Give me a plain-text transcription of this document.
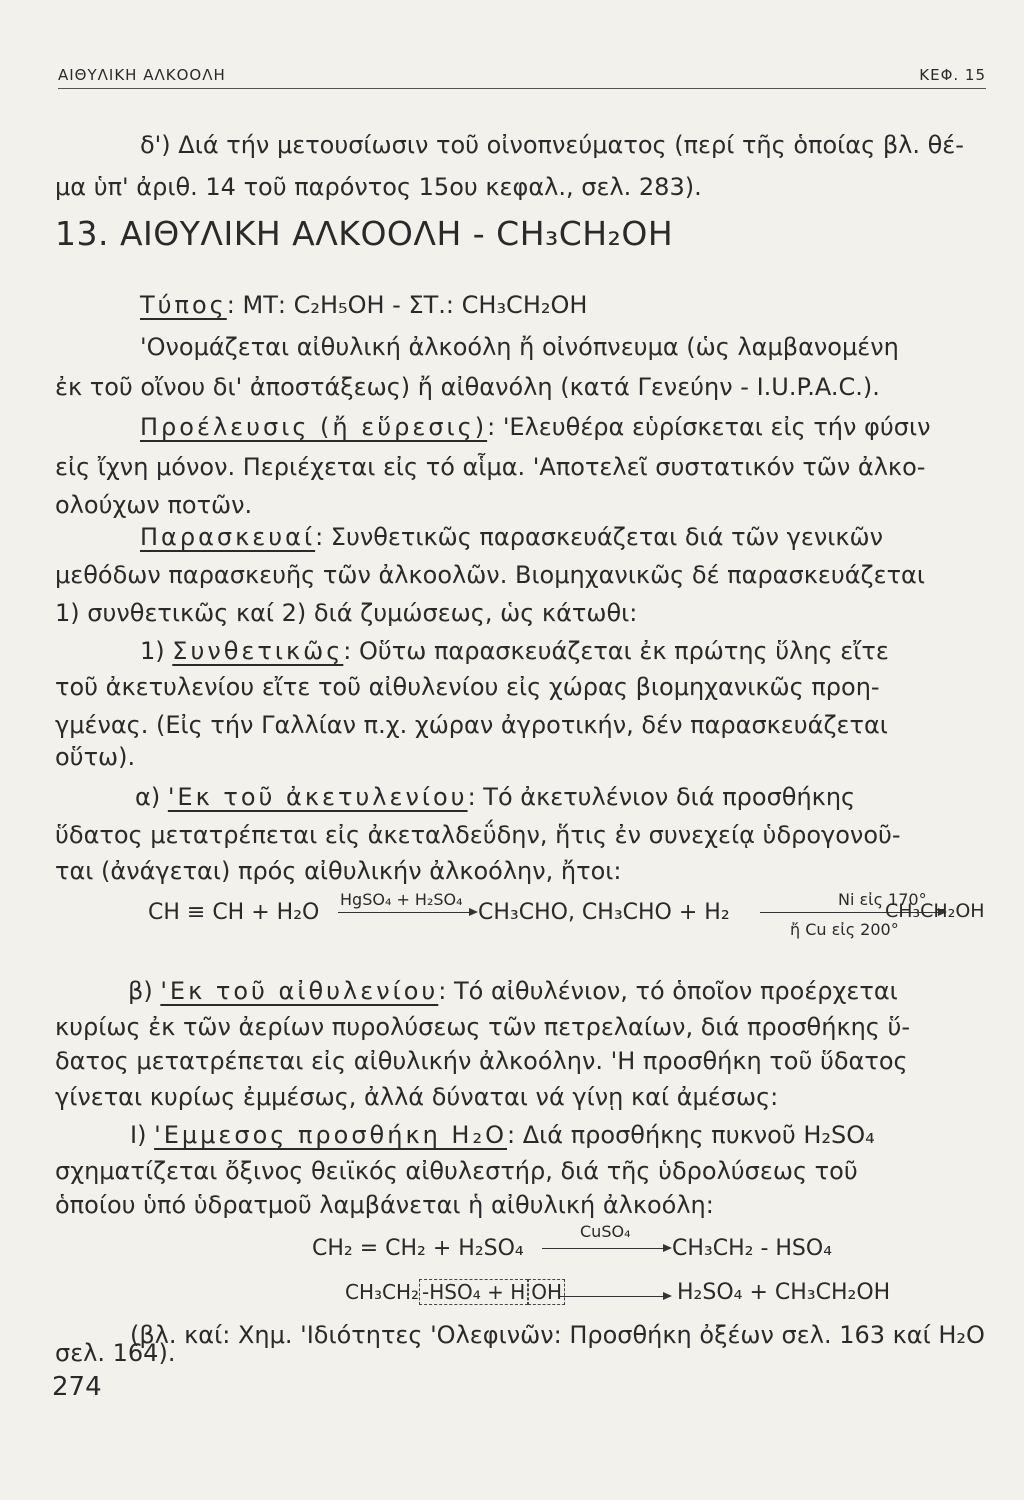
ΑΙΘΥΛΙΚΗ ΑΛΚΟΟΛΗ	ΚΕΦ. 15
δ') Διά τήν μετουσίωσιν τοῦ οἰνοπνεύματος (περί τῆς ὁποίας βλ. θέ-
μα ὑπ' ἀριθ. 14 τοῦ παρόντος 15ου κεφαλ., σελ. 283).
13. ΑΙΘΥΛΙΚΗ ΑΛΚΟΟΛΗ - CH₃CH₂OH
Τύπος: ΜΤ: C₂H₅OH - ΣΤ.: CH₃CH₂OH
'Ονομάζεται αἰθυλική ἀλκοόλη ἤ οἰνόπνευμα (ὡς λαμβανομένη
ἐκ τοῦ οἴνου δι' ἀποστάξεως) ἤ αἰθανόλη (κατά Γενεύην - I.U.P.A.C.).
Προέλευσις (ἤ εὕρεσις): 'Ελευθέρα εὑρίσκεται εἰς τήν φύσιν
εἰς ἴχνη μόνον. Περιέχεται εἰς τό αἷμα. 'Αποτελεῖ συστατικόν τῶν ἀλκο-
ολούχων ποτῶν.
Παρασκευαί: Συνθετικῶς παρασκευάζεται διά τῶν γενικῶν
μεθόδων παρασκευῆς τῶν ἀλκοολῶν. Βιομηχανικῶς δέ παρασκευάζεται
1) συνθετικῶς καί 2) διά ζυμώσεως, ὡς κάτωθι:
1) Συνθετικῶς: Οὕτω παρασκευάζεται ἐκ πρώτης ὕλης εἴτε
τοῦ ἀκετυλενίου εἴτε τοῦ αἰθυλενίου εἰς χώρας βιομηχανικῶς προη-
γμένας. (Εἰς τήν Γαλλίαν π.χ. χώραν ἀγροτικήν, δέν παρασκευάζεται
οὕτω).
α) 'Εκ τοῦ ἀκετυλενίου: Τό ἀκετυλένιον διά προσθήκης
ὕδατος μετατρέπεται εἰς ἀκεταλδεΰδην, ἥτις ἐν συνεχείᾳ ὑδρογονοῦ-
ται (ἀνάγεται) πρός αἰθυλικήν ἀλκοόλην, ἤτοι:
CH ≡ CH + H₂O
HgSO₄ + H₂SO₄
CH₃CHO, CH₃CHO + H₂
Ni εἰς 170°
ἤ Cu εἰς 200°
CH₃CH₂OH
β) 'Εκ τοῦ αἰθυλενίου: Τό αἰθυλένιον, τό ὁποῖον προέρχεται
κυρίως ἐκ τῶν ἀερίων πυρολύσεως τῶν πετρελαίων, διά προσθήκης ὕ-
δατος μετατρέπεται εἰς αἰθυλικήν ἀλκοόλην. 'Η προσθήκη τοῦ ὕδατος
γίνεται κυρίως ἐμμέσως, ἀλλά δύναται νά γίνῃ καί ἀμέσως:
I) 'Εμμεσος προσθήκη H₂O: Διά προσθήκης πυκνοῦ H₂SO₄
σχηματίζεται ὄξινος θειϊκός αἰθυλεστήρ, διά τῆς ὑδρολύσεως τοῦ
ὁποίου ὑπό ὑδρατμοῦ λαμβάνεται ἡ αἰθυλική ἀλκοόλη:
CH₂ = CH₂ + H₂SO₄
CuSO₄
CH₃CH₂ - HSO₄
CH₃CH₂ -HSO₄ + H OH	H₂SO₄ + CH₃CH₂OH
(βλ. καί: Χημ. 'Ιδιότητες 'Ολεφινῶν: Προσθήκη ὀξέων σελ. 163 καί H₂O
σελ. 164).
274
